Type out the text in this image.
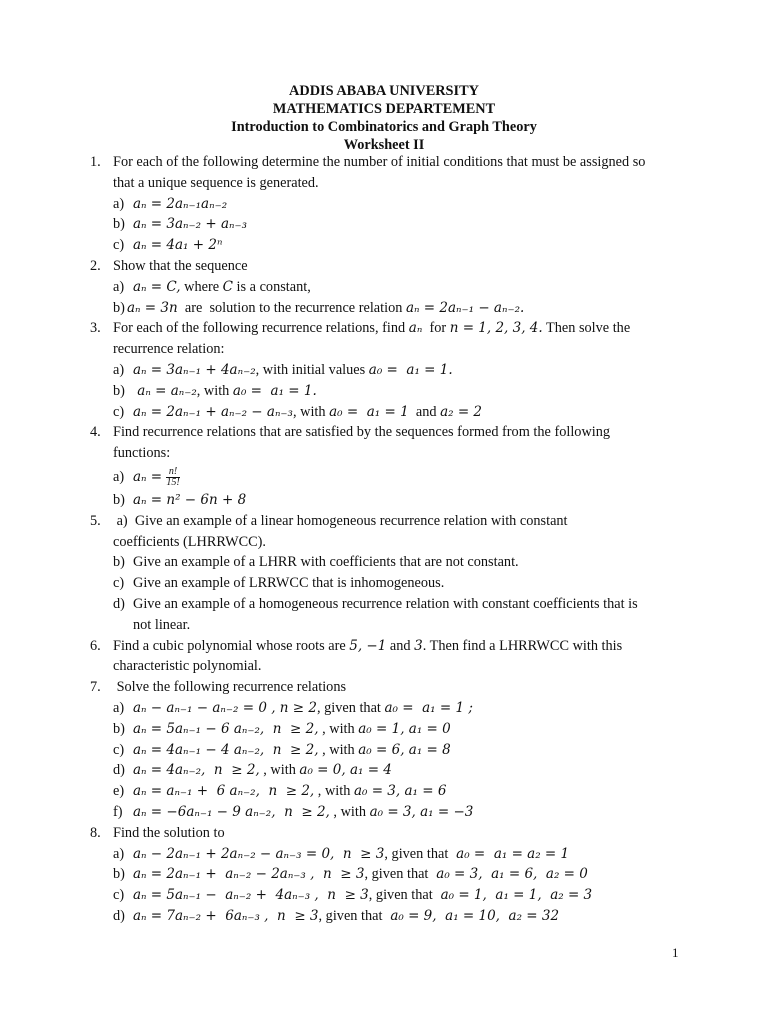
ADDIS ABABA UNIVERSITY
MATHEMATICS DEPARTEMENT
Introduction to Combinatorics and Graph Theory
Worksheet II
1. For each of the following determine the number of initial conditions that must be assigned so
that a unique sequence is generated.
a) aₙ = 2aₙ₋₁aₙ₋₂
b) aₙ = 3aₙ₋₂ + aₙ₋₃
c) aₙ = 4a₁ + 2ⁿ
2. Show that the sequence
a) aₙ = C, where C is a constant,
b) aₙ = 3n  are  solution to the recurrence relation aₙ = 2aₙ₋₁ − aₙ₋₂.
3. For each of the following recurrence relations, find aₙ  for n = 1, 2, 3, 4. Then solve the
recurrence relation:
a) aₙ = 3aₙ₋₁ + 4aₙ₋₂, with initial values a₀ =  a₁ = 1.
b) aₙ = aₙ₋₂, with a₀ =  a₁ = 1.
c) aₙ = 2aₙ₋₁ + aₙ₋₂ − aₙ₋₃, with a₀ =  a₁ = 1  and a₂ = 2
4. Find recurrence relations that are satisfied by the sequences formed from the following
functions:
a) $a_n = \frac{n!}{15!}$
b) aₙ = n² − 6n + 8
5. a)  Give an example of a linear homogeneous recurrence relation with constant
coefficients (LHRRWCC).
b) Give an example of a LHRR with coefficients that are not constant.
c) Give an example of LRRWCC that is inhomogeneous.
d) Give an example of a homogeneous recurrence relation with constant coefficients that is
not linear.
6. Find a cubic polynomial whose roots are 5, −1 and 3. Then find a LHRRWCC with this
characteristic polynomial.
7. Solve the following recurrence relations
a) aₙ − aₙ₋₁ − aₙ₋₂ = 0 , n ≥ 2, given that a₀ =  a₁ = 1 ;
b) aₙ = 5aₙ₋₁ − 6 aₙ₋₂,  n  ≥ 2, , with a₀ = 1, a₁ = 0
c) aₙ = 4aₙ₋₁ − 4 aₙ₋₂,  n  ≥ 2, , with a₀ = 6, a₁ = 8
d) aₙ = 4aₙ₋₂,  n  ≥ 2, , with a₀ = 0, a₁ = 4
e) aₙ = aₙ₋₁ +  6 aₙ₋₂,  n  ≥ 2, , with a₀ = 3, a₁ = 6
f) aₙ = −6aₙ₋₁ − 9 aₙ₋₂,  n  ≥ 2, , with a₀ = 3, a₁ = −3
8. Find the solution to
a) aₙ − 2aₙ₋₁ + 2aₙ₋₂ − aₙ₋₃ = 0,  n  ≥ 3, given that  a₀ =  a₁ = a₂ = 1
b) aₙ = 2aₙ₋₁ +  aₙ₋₂ − 2aₙ₋₃ ,  n  ≥ 3, given that  a₀ = 3,  a₁ = 6,  a₂ = 0
c) aₙ = 5aₙ₋₁ −  aₙ₋₂ +  4aₙ₋₃ ,  n  ≥ 3, given that  a₀ = 1,  a₁ = 1,  a₂ = 3
d) aₙ = 7aₙ₋₂ +  6aₙ₋₃ ,  n  ≥ 3, given that  a₀ = 9,  a₁ = 10,  a₂ = 32
1
